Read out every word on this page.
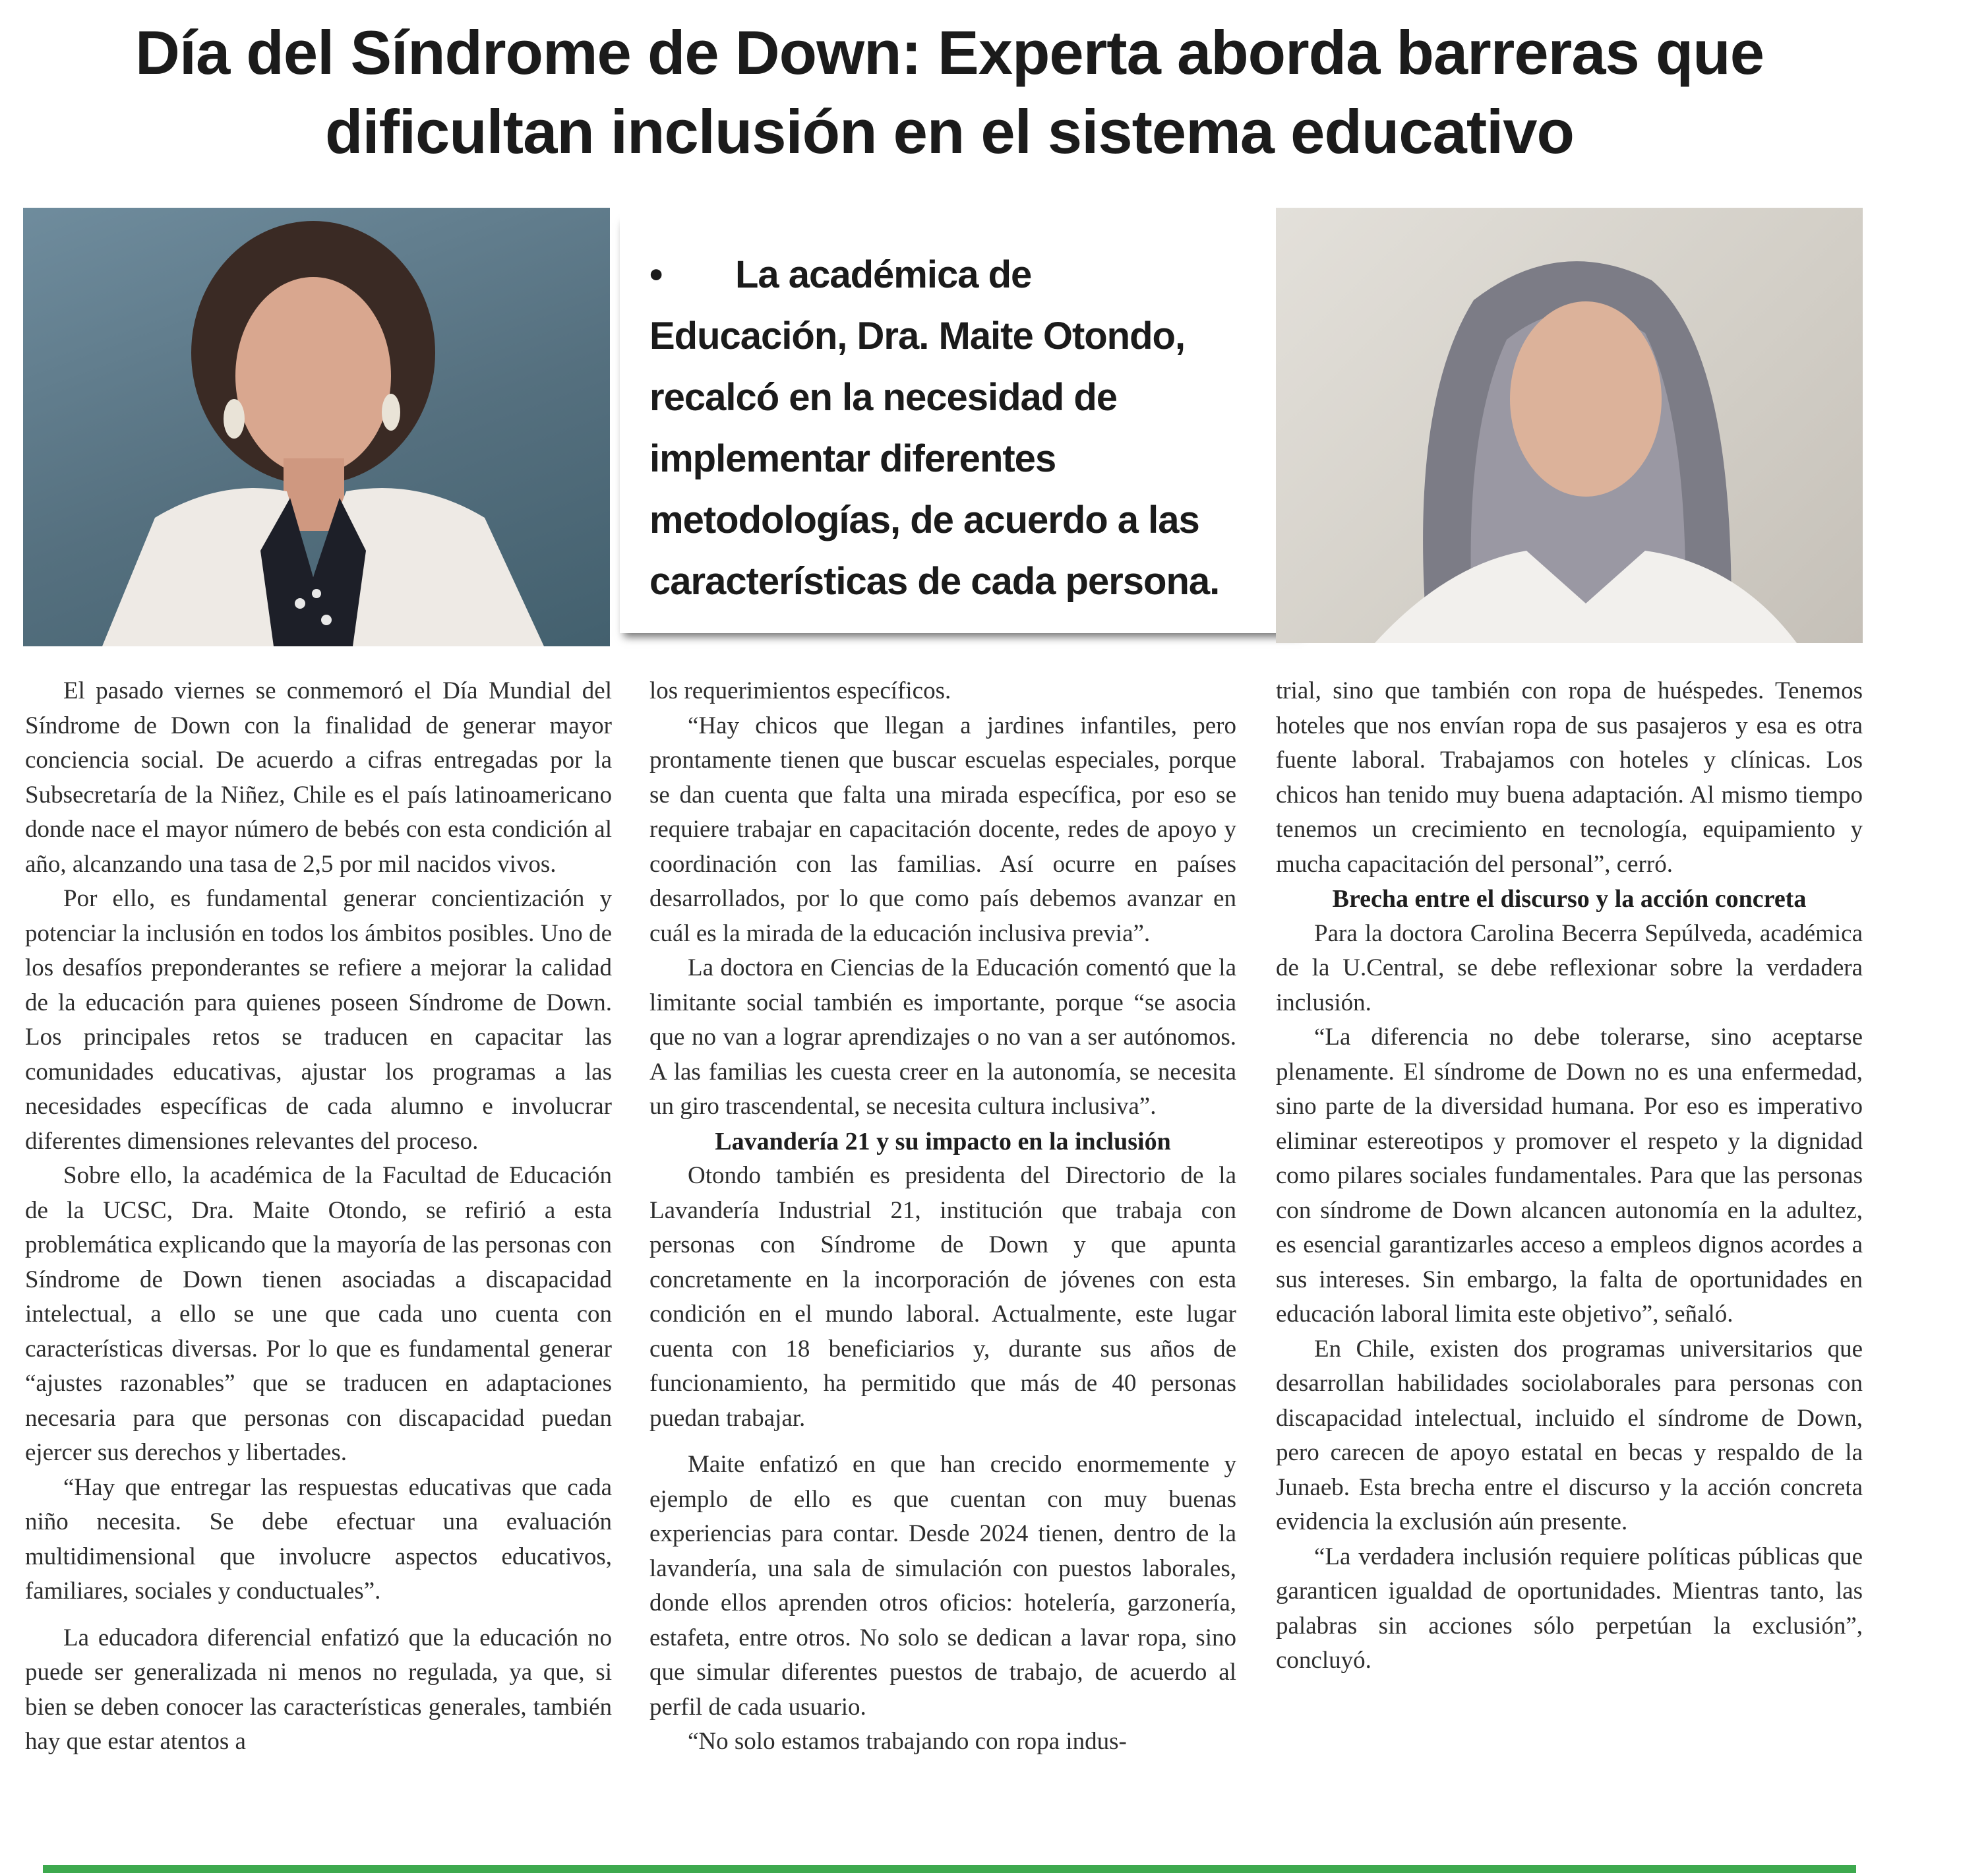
Día del Síndrome de Down: Experta aborda barreras que
dificultan inclusión en el sistema educativo

• La académica de Educación, Dra. Maite Otondo, recalcó en la necesidad de implementar diferentes metodologías, de acuerdo a las características de cada persona.

El pasado viernes se conmemoró el Día Mundial del Síndrome de Down con la finalidad de generar mayor conciencia social. De acuerdo a cifras entregadas por la Subsecretaría de la Niñez, Chile es el país latinoamericano donde nace el mayor número de bebés con esta condición al año, alcanzando una tasa de 2,5 por mil nacidos vivos.

Por ello, es fundamental generar concientización y potenciar la inclusión en todos los ámbitos posibles. Uno de los desafíos preponderantes se refiere a mejorar la calidad de la educación para quienes poseen Síndrome de Down. Los principales retos se traducen en capacitar las comunidades educativas, ajustar los programas a las necesidades específicas de cada alumno e involucrar diferentes dimensiones relevantes del proceso.

Sobre ello, la académica de la Facultad de Educación de la UCSC, Dra. Maite Otondo, se refirió a esta problemática explicando que la mayoría de las personas con Síndrome de Down tienen asociadas a discapacidad intelectual, a ello se une que cada uno cuenta con características diversas. Por lo que es fundamental generar “ajustes razonables” que se traducen en adaptaciones necesaria para que personas con discapacidad puedan ejercer sus derechos y libertades.

“Hay que entregar las respuestas educativas que cada niño necesita. Se debe efectuar una evaluación multidimensional que involucre aspectos educativos, familiares, sociales y conductuales”.

La educadora diferencial enfatizó que la educación no puede ser generalizada ni menos no regulada, ya que, si bien se deben conocer las características generales, también hay que estar atentos a

los requerimientos específicos.

“Hay chicos que llegan a jardines infantiles, pero prontamente tienen que buscar escuelas especiales, porque se dan cuenta que falta una mirada específica, por eso se requiere trabajar en capacitación docente, redes de apoyo y coordinación con las familias. Así ocurre en países desarrollados, por lo que como país debemos avanzar en cuál es la mirada de la educación inclusiva previa”.

La doctora en Ciencias de la Educación comentó que la limitante social también es importante, porque “se asocia que no van a lograr aprendizajes o no van a ser autónomos. A las familias les cuesta creer en la autonomía, se necesita un giro trascendental, se necesita cultura inclusiva”.

Lavandería 21 y su impacto en la inclusión

Otondo también es presidenta del Directorio de la Lavandería Industrial 21, institución que trabaja con personas con Síndrome de Down y que apunta concretamente en la incorporación de jóvenes con esta condición en el mundo laboral. Actualmente, este lugar cuenta con 18 beneficiarios y, durante sus años de funcionamiento, ha permitido que más de 40 personas puedan trabajar.

Maite enfatizó en que han crecido enormemente y ejemplo de ello es que cuentan con muy buenas experiencias para contar. Desde 2024 tienen, dentro de la lavandería, una sala de simulación con puestos laborales, donde ellos aprenden otros oficios: hotelería, garzonería, estafeta, entre otros. No solo se dedican a lavar ropa, sino que simular diferentes puestos de trabajo, de acuerdo al perfil de cada usuario.

“No solo estamos trabajando con ropa indus-

trial, sino que también con ropa de huéspedes. Tenemos hoteles que nos envían ropa de sus pasajeros y esa es otra fuente laboral. Trabajamos con hoteles y clínicas. Los chicos han tenido muy buena adaptación. Al mismo tiempo tenemos un crecimiento en tecnología, equipamiento y mucha capacitación del personal”, cerró.

Brecha entre el discurso y la acción concreta

Para la doctora Carolina Becerra Sepúlveda, académica de la U.Central, se debe reflexionar sobre la verdadera inclusión.

“La diferencia no debe tolerarse, sino aceptarse plenamente. El síndrome de Down no es una enfermedad, sino parte de la diversidad humana. Por eso es imperativo eliminar estereotipos y promover el respeto y la dignidad como pilares sociales fundamentales. Para que las personas con síndrome de Down alcancen autonomía en la adultez, es esencial garantizarles acceso a empleos dignos acordes a sus intereses. Sin embargo, la falta de oportunidades en educación laboral limita este objetivo”, señaló.

En Chile, existen dos programas universitarios que desarrollan habilidades sociolaborales para personas con discapacidad intelectual, incluido el síndrome de Down, pero carecen de apoyo estatal en becas y respaldo de la Junaeb. Esta brecha entre el discurso y la acción concreta evidencia la exclusión aún presente.

“La verdadera inclusión requiere políticas públicas que garanticen igualdad de oportunidades. Mientras tanto, las palabras sin acciones sólo perpetúan la exclusión”, concluyó.
